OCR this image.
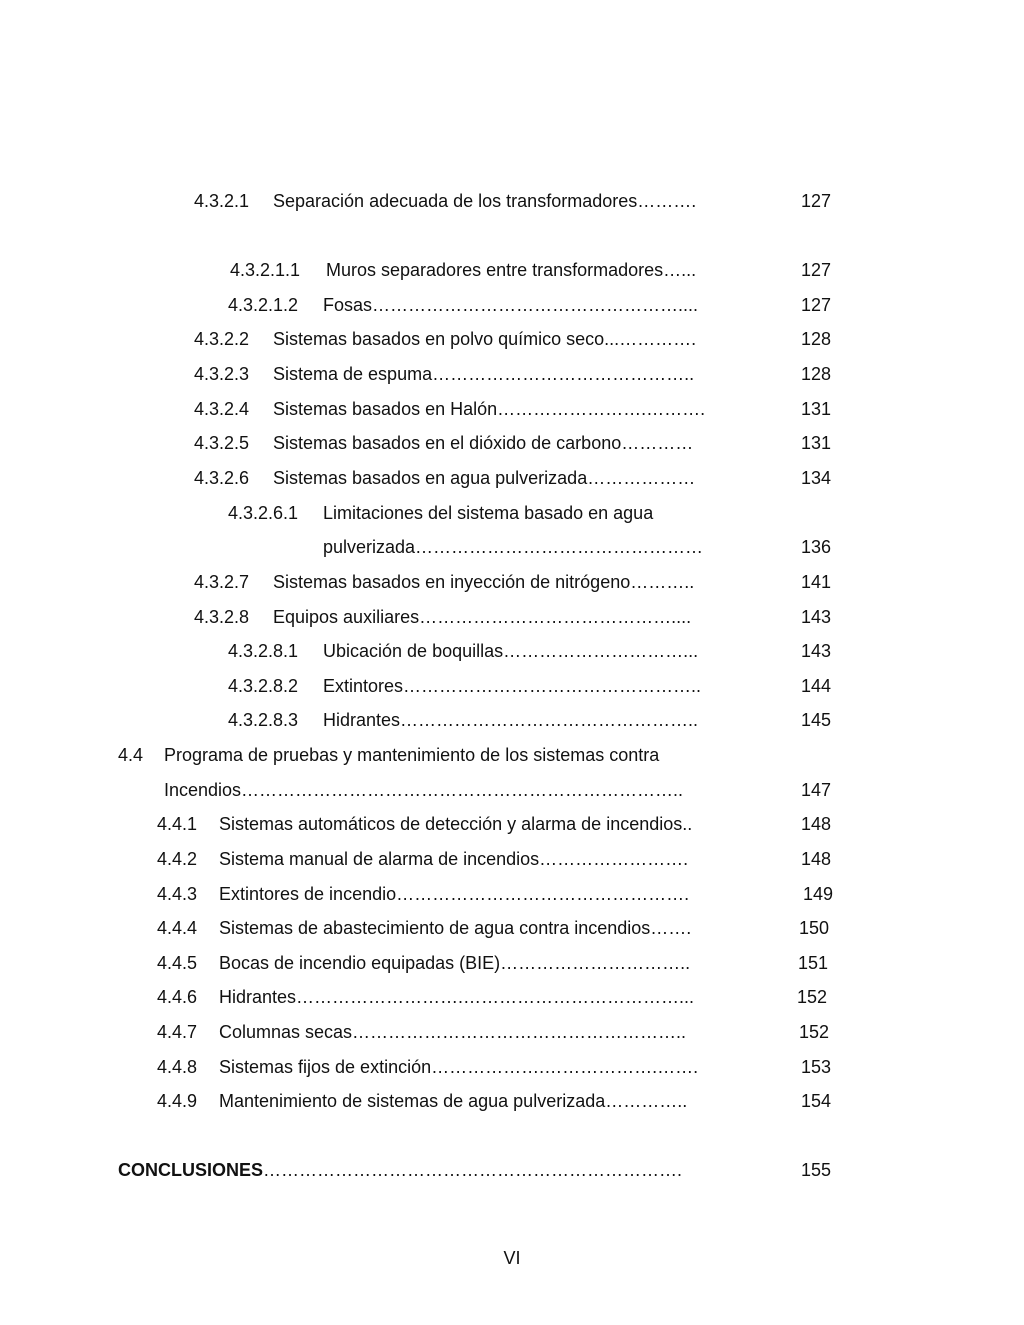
4.3.2.1 Separación adecuada de los transformadores……….	127
4.3.2.1.1 Muros separadores entre transformadores…...	127
4.3.2.1.2 Fosas……………………………………………....	127
4.3.2.2 Sistemas basados en polvo químico seco...………….	128
4.3.2.3 Sistema de espuma……………………………………..	128
4.3.2.4 Sistemas basados en Halón…………………….……….	131
4.3.2.5 Sistemas basados en el dióxido de carbono…………	131
4.3.2.6 Sistemas basados en agua pulverizada………………	134
4.3.2.6.1 Limitaciones del sistema basado en agua
pulverizada…………………………………………	136
4.3.2.7 Sistemas basados en inyección de nitrógeno………..	141
4.3.2.8 Equipos auxiliares……………………………………....	143
4.3.2.8.1 Ubicación de boquillas…………………………...	143
4.3.2.8.2 Extintores…………………………………………..	144
4.3.2.8.3 Hidrantes…………………………………………..	145
4.4 Programa de pruebas y mantenimiento de los sistemas contra
Incendios………………………………………………………………..	147
4.4.1 Sistemas automáticos de detección y alarma de incendios..	148
4.4.2 Sistema manual de alarma de incendios…………………….	148
4.4.3 Extintores de incendio………………………………………….	149
4.4.4 Sistemas de abastecimiento de agua contra incendios…….	150
4.4.5 Bocas de incendio equipadas (BIE)…………………………..	151
4.4.6 Hidrantes……………………….………………………………...	152
4.4.7 Columnas secas………………………………………………..	152
4.4.8 Sistemas fijos de extinción……………….……………….…….	153
4.4.9 Mantenimiento de sistemas de agua pulverizada…………..	154
CONCLUSIONES…………………………………………………………….	155
VI
